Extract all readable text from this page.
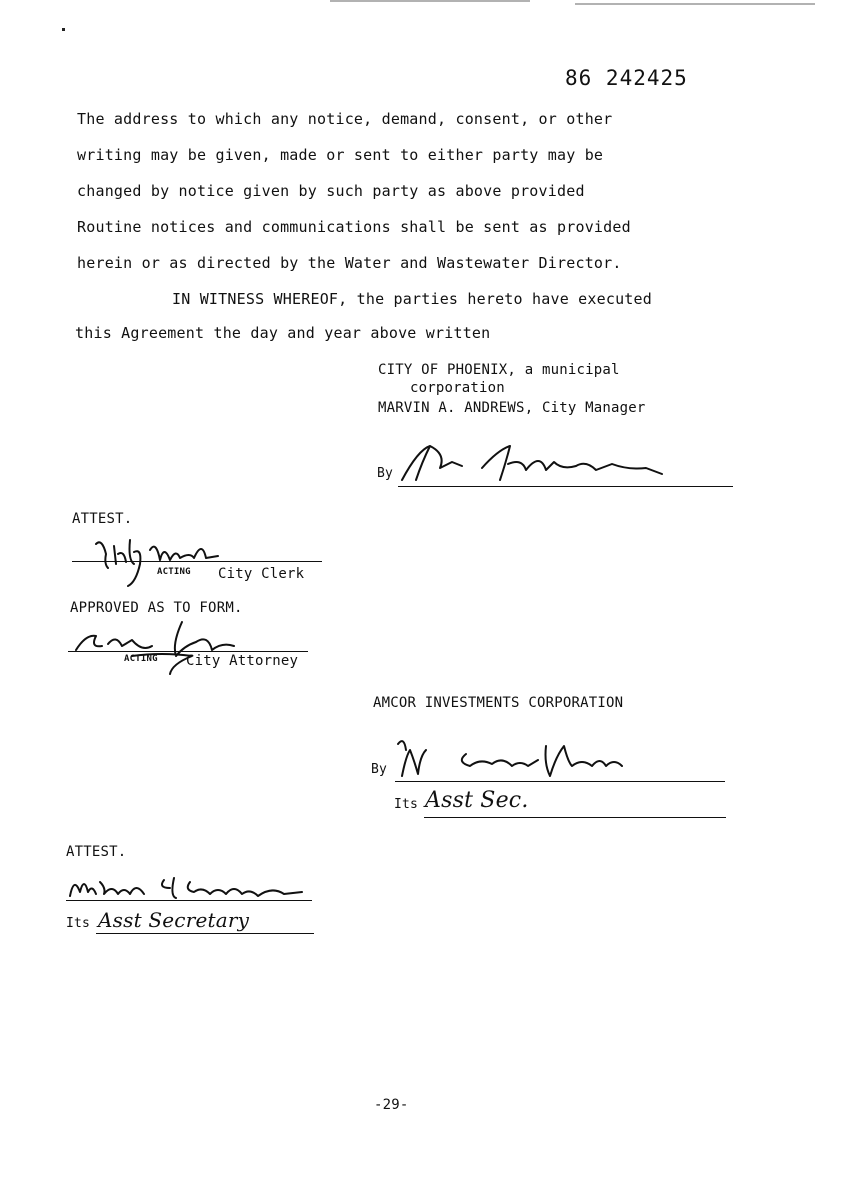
86 242425
The address to which any notice, demand, consent, or other
writing may be given, made or sent to either party may be
changed by notice given by such party as above provided
Routine notices and communications shall be sent as provided
herein or as directed by the Water and Wastewater Director.
IN WITNESS WHEREOF, the parties hereto have executed
this Agreement the day and year above written
CITY OF PHOENIX, a municipal
corporation
MARVIN A. ANDREWS, City Manager
By
ATTEST.
ACTING City Clerk
APPROVED AS TO FORM.
ACTING City Attorney
AMCOR INVESTMENTS CORPORATION
By
Its Asst Sec.
ATTEST.
Its Asst Secretary
-29-
